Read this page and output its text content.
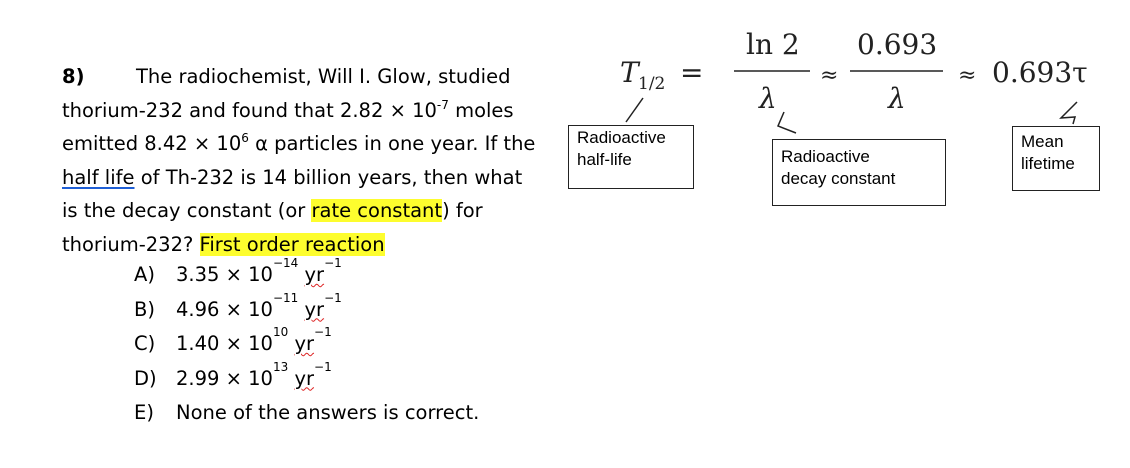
8)	The radiochemist, Will I. Glow, studied

thorium-232 and found that $2.82 \times 10^{-7}$ moles

emitted $8.42 \times 10^6$ α particles in one year. If the

half life of Th-232 is 14 billion years, then what

is the decay constant (or rate constant) for

thorium-232? First order reaction

A)	3.35 × 10 −14
yr −1
B)	4.96 × 10 −11
yr −1
C)	1.40 × 10 10
yr −1
D) 2.99 × 10 13
yr −1
E)	None of the answers is correct.
T 1/2 =
ln 2
λ
≈
0.693
λ
≈ 0.693τ
Radioactive
half-life	Radioactive
decay constant
Mean
lifetime
